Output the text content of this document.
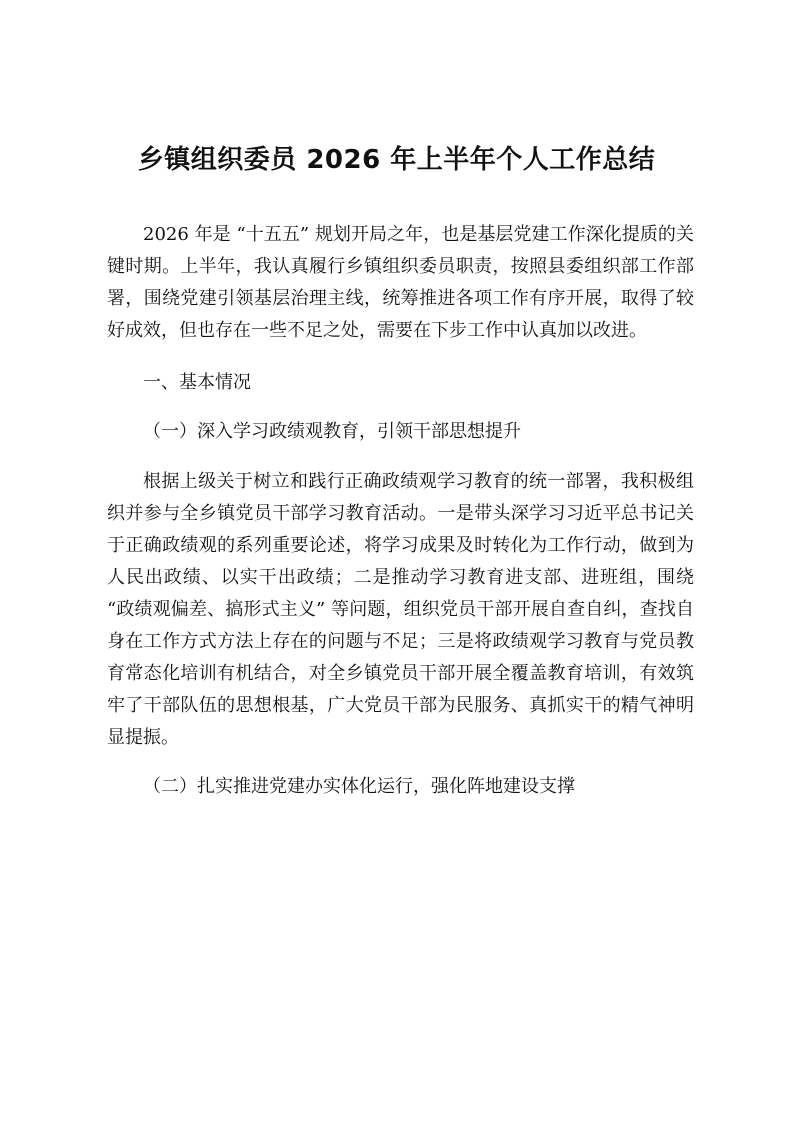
乡镇组织委员 2026 年上半年个人工作总结

2026 年是 “十五五” 规划开局之年，也是基层党建工作深化提质的关键时期。上半年，我认真履行乡镇组织委员职责，按照县委组织部工作部署，围绕党建引领基层治理主线，统筹推进各项工作有序开展，取得了较好成效，但也存在一些不足之处，需要在下步工作中认真加以改进。

一、基本情况

（一）深入学习政绩观教育，引领干部思想提升

根据上级关于树立和践行正确政绩观学习教育的统一部署，我积极组织并参与全乡镇党员干部学习教育活动。一是带头深学习习近平总书记关于正确政绩观的系列重要论述，将学习成果及时转化为工作行动，做到为人民出政绩、以实干出政绩；二是推动学习教育进支部、进班组，围绕 “政绩观偏差、搞形式主义” 等问题，组织党员干部开展自查自纠，查找自身在工作方式方法上存在的问题与不足；三是将政绩观学习教育与党员教育常态化培训有机结合，对全乡镇党员干部开展全覆盖教育培训，有效筑牢了干部队伍的思想根基，广大党员干部为民服务、真抓实干的精气神明显提振。

（二）扎实推进党建办实体化运行，强化阵地建设支撑
